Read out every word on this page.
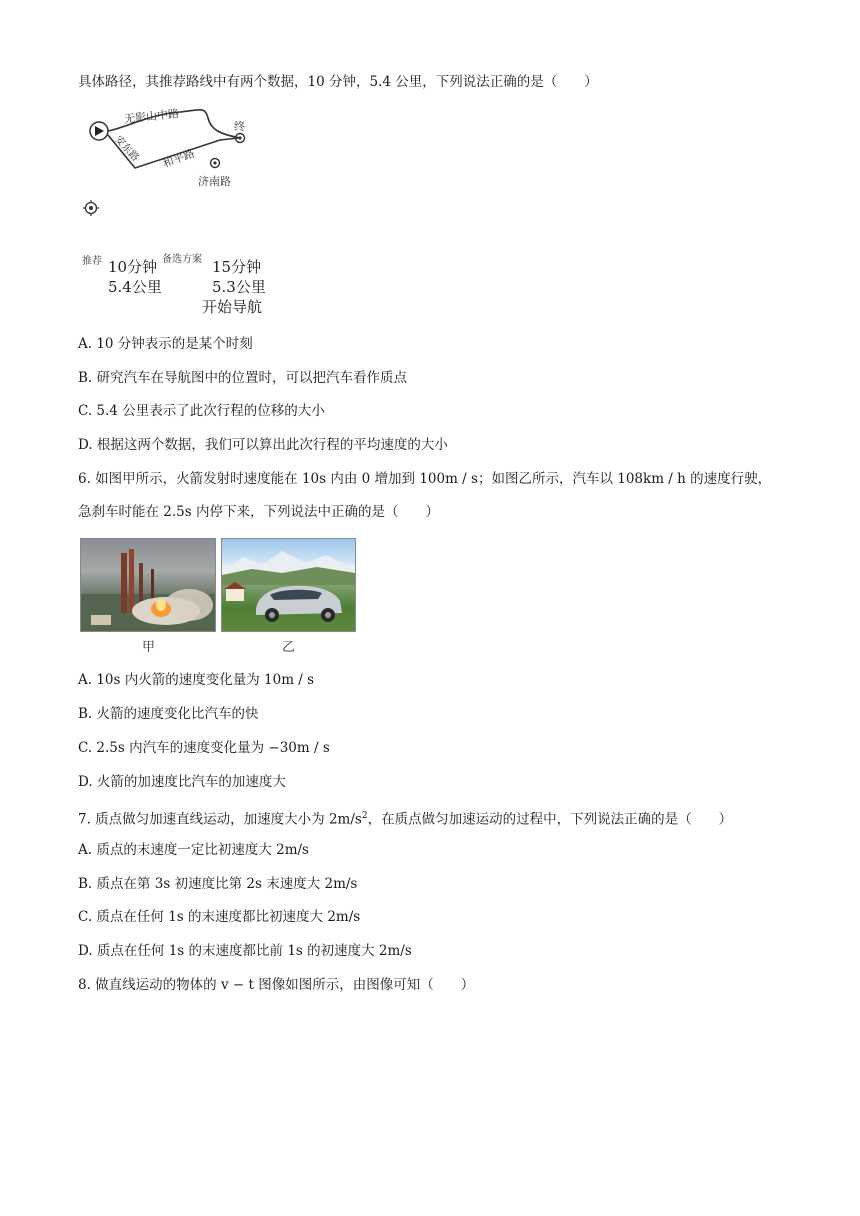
具体路径，其推荐路线中有两个数据，10 分钟，5.4 公里，下列说法正确的是（　　）
无影山中路
安东路 和平路
终
济南路
推荐 10分钟
5.4公里
备选方案 15分钟
5.3公里
开始导航
A. 10 分钟表示的是某个时刻
B. 研究汽车在导航图中的位置时，可以把汽车看作质点
C. 5.4 公里表示了此次行程的位移的大小
D. 根据这两个数据，我们可以算出此次行程的平均速度的大小
6. 如图甲所示，火箭发射时速度能在 10s 内由 0 增加到 100m / s；如图乙所示，汽车以 108km / h 的速度行驶，
急刹车时能在 2.5s 内停下来，下列说法中正确的是（　　）
甲	乙
A. 10s 内火箭的速度变化量为 10m / s
B. 火箭的速度变化比汽车的快
C. 2.5s 内汽车的速度变化量为 −30m / s
D. 火箭的加速度比汽车的加速度大
7. 质点做匀加速直线运动，加速度大小为 $2m/s^2$，在质点做匀加速运动的过程中，下列说法正确的是（　　）
A. 质点的末速度一定比初速度大 2m/s
B. 质点在第 3s 初速度比第 2s 末速度大 2m/s
C. 质点在任何 1s 的末速度都比初速度大 2m/s
D. 质点在任何 1s 的末速度都比前 1s 的初速度大 2m/s
8. 做直线运动的物体的 v − t 图像如图所示，由图像可知（　　）
